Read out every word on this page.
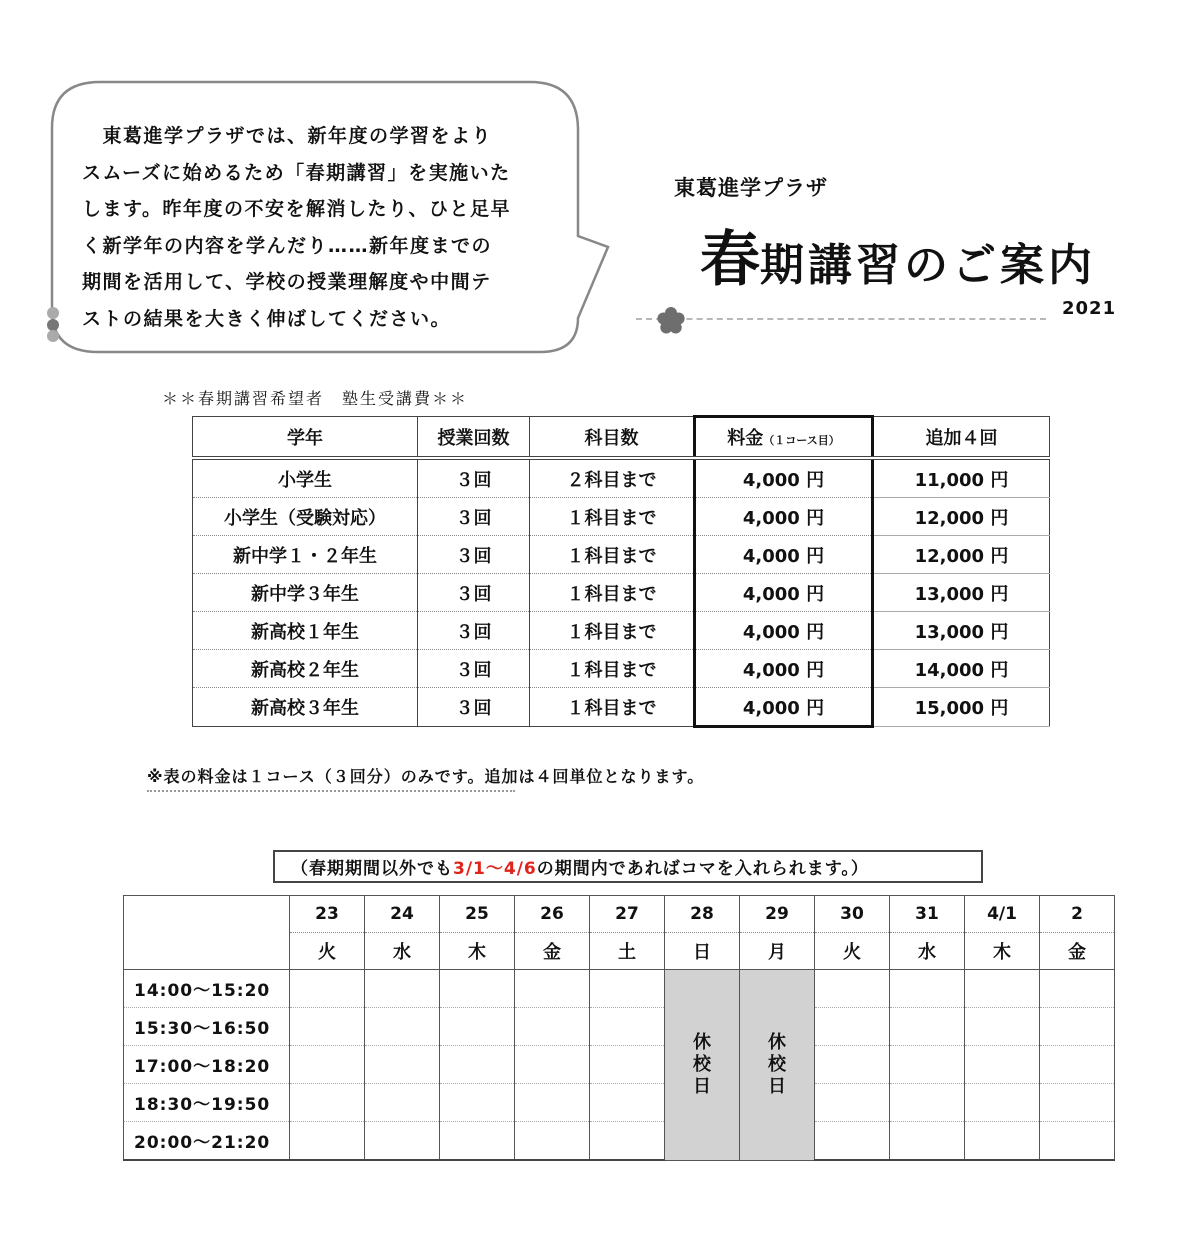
　東葛進学プラザでは、新年度の学習をより
スムーズに始めるため「春期講習」を実施いた
します。昨年度の不安を解消したり、ひと足早
く新学年の内容を学んだり……新年度までの
期間を活用して、学校の授業理解度や中間テ
ストの結果を大きく伸ばしてください。
東葛進学プラザ
春期講習のご案内
2021
＊＊春期講習希望者　塾生受講費＊＊
学年	授業回数	科目数	料金（１コース目）	追加４回
小学生	３回	２科目まで	4,000 円	11,000 円
小学生（受験対応）	３回	１科目まで	4,000 円	12,000 円
新中学１・２年生	３回	１科目まで	4,000 円	12,000 円
新中学３年生	３回	１科目まで	4,000 円	13,000 円
新高校１年生	３回	１科目まで	4,000 円	13,000 円
新高校２年生	３回	１科目まで	4,000 円	14,000 円
新高校３年生	３回	１科目まで	4,000 円	15,000 円
※表の料金は１コース（３回分）のみです。追加は４回単位となります。
（春期期間以外でも 3/1～4/6 の期間内であればコマを入れられます。）
	23	24	25	26	27	28	29	30	31	4/1	2
	火	水	木	金	土	日	月	火	水	木	金
14:00～15:20						休校日	休校日				
15:30～16:50											
17:00～18:20											
18:30～19:50											
20:00～21:20											
